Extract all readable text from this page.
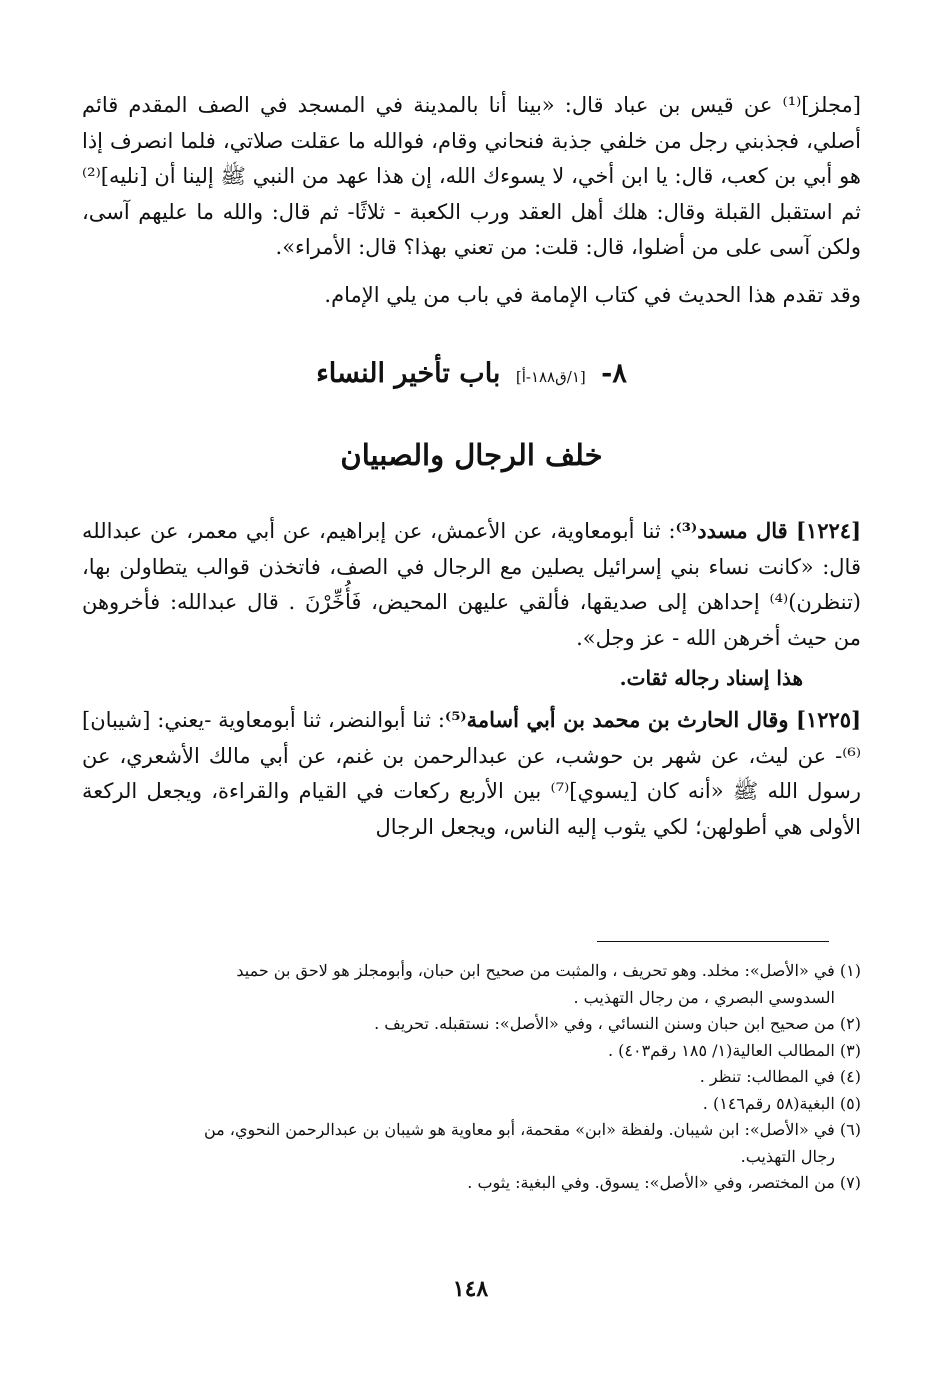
[مجلز]⁽¹⁾ عن قيس بن عباد قال: «بينا أنا بالمدينة في المسجد في الصف المقدم قائم أصلي، فجذبني رجل من خلفي جذبة فنحاني وقام، فوالله ما عقلت صلاتي، فلما انصرف إذا هو أبي بن كعب، قال: يا ابن أخي، لا يسوءك الله، إن هذا عهد من النبي ﷺ إلينا أن [نليه]⁽²⁾ ثم استقبل القبلة وقال: هلك أهل العقد ورب الكعبة - ثلاثًا- ثم قال: والله ما عليهم آسى، ولكن آسى على من أضلوا، قال: قلت: من تعني بهذا؟ قال: الأمراء».

وقد تقدم هذا الحديث في كتاب الإمامة في باب من يلي الإمام.

٨- [١/ق١٨٨-أ] باب تأخير النساء
خلف الرجال والصبيان

[١٢٢٤] قال مسدد⁽³⁾: ثنا أبومعاوية، عن الأعمش، عن إبراهيم، عن أبي معمر، عن عبدالله قال: «كانت نساء بني إسرائيل يصلين مع الرجال في الصف، فاتخذن قوالب يتطاولن بها،(تنظرن)⁽⁴⁾ إحداهن إلى صديقها، فألقي عليهن المحيض، فَأُخِّرْنَ . قال عبدالله: فأخروهن من حيث أخرهن الله - عز وجل».

هذا إسناد رجاله ثقات.

[١٢٢٥] وقال الحارث بن محمد بن أبي أسامة⁽⁵⁾: ثنا أبوالنضر، ثنا أبومعاوية -يعني: [شيبان]⁽⁶⁾- عن ليث، عن شهر بن حوشب، عن عبدالرحمن بن غنم، عن أبي مالك الأشعري، عن رسول الله ﷺ «أنه كان [يسوي]⁽⁷⁾ بين الأربع ركعات في القيام والقراءة، ويجعل الركعة الأولى هي أطولهن؛ لكي يثوب إليه الناس، ويجعل الرجال

(١) في «الأصل»: مخلد. وهو تحريف ، والمثبت من صحيح ابن حبان، وأبومجلز هو لاحق بن حميد
السدوسي البصري ، من رجال التهذيب .

(٢) من صحيح ابن حبان وسنن النسائي ، وفي «الأصل»: نستقبله. تحريف .

(٣) المطالب العالية(١/ ١٨٥ رقم٤٠٣) .

(٤) في المطالب: تنظر .

(٥) البغية(٥٨ رقم١٤٦) .

(٦) في «الأصل»: ابن شيبان. ولفظة «ابن» مقحمة، أبو معاوية هو شيبان بن عبدالرحمن النحوي، من
رجال التهذيب.

(٧) من المختصر، وفي «الأصل»: يسوق. وفي البغية: يثوب .

١٤٨
